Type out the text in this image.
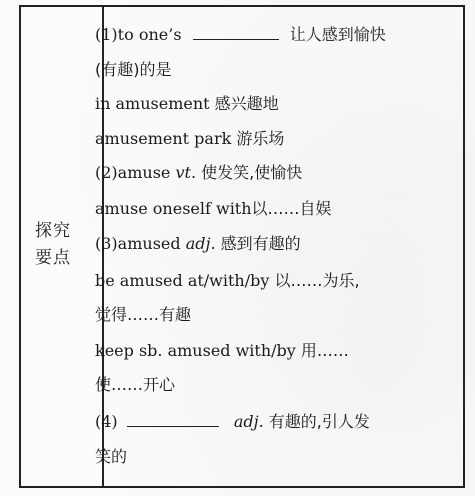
探究
要点
(1)to one’s	让人感到愉快
(有趣)的是
in amusement 感兴趣地
amusement park 游乐场
(2)amuse vt. 使发笑,使愉快
amuse oneself with以……自娱
(3)amused adj. 感到有趣的
be amused at/with/by 以……为乐,
觉得……有趣
keep sb. amused with/by 用……
使……开心
(4)	adj. 有趣的,引人发
笑的
